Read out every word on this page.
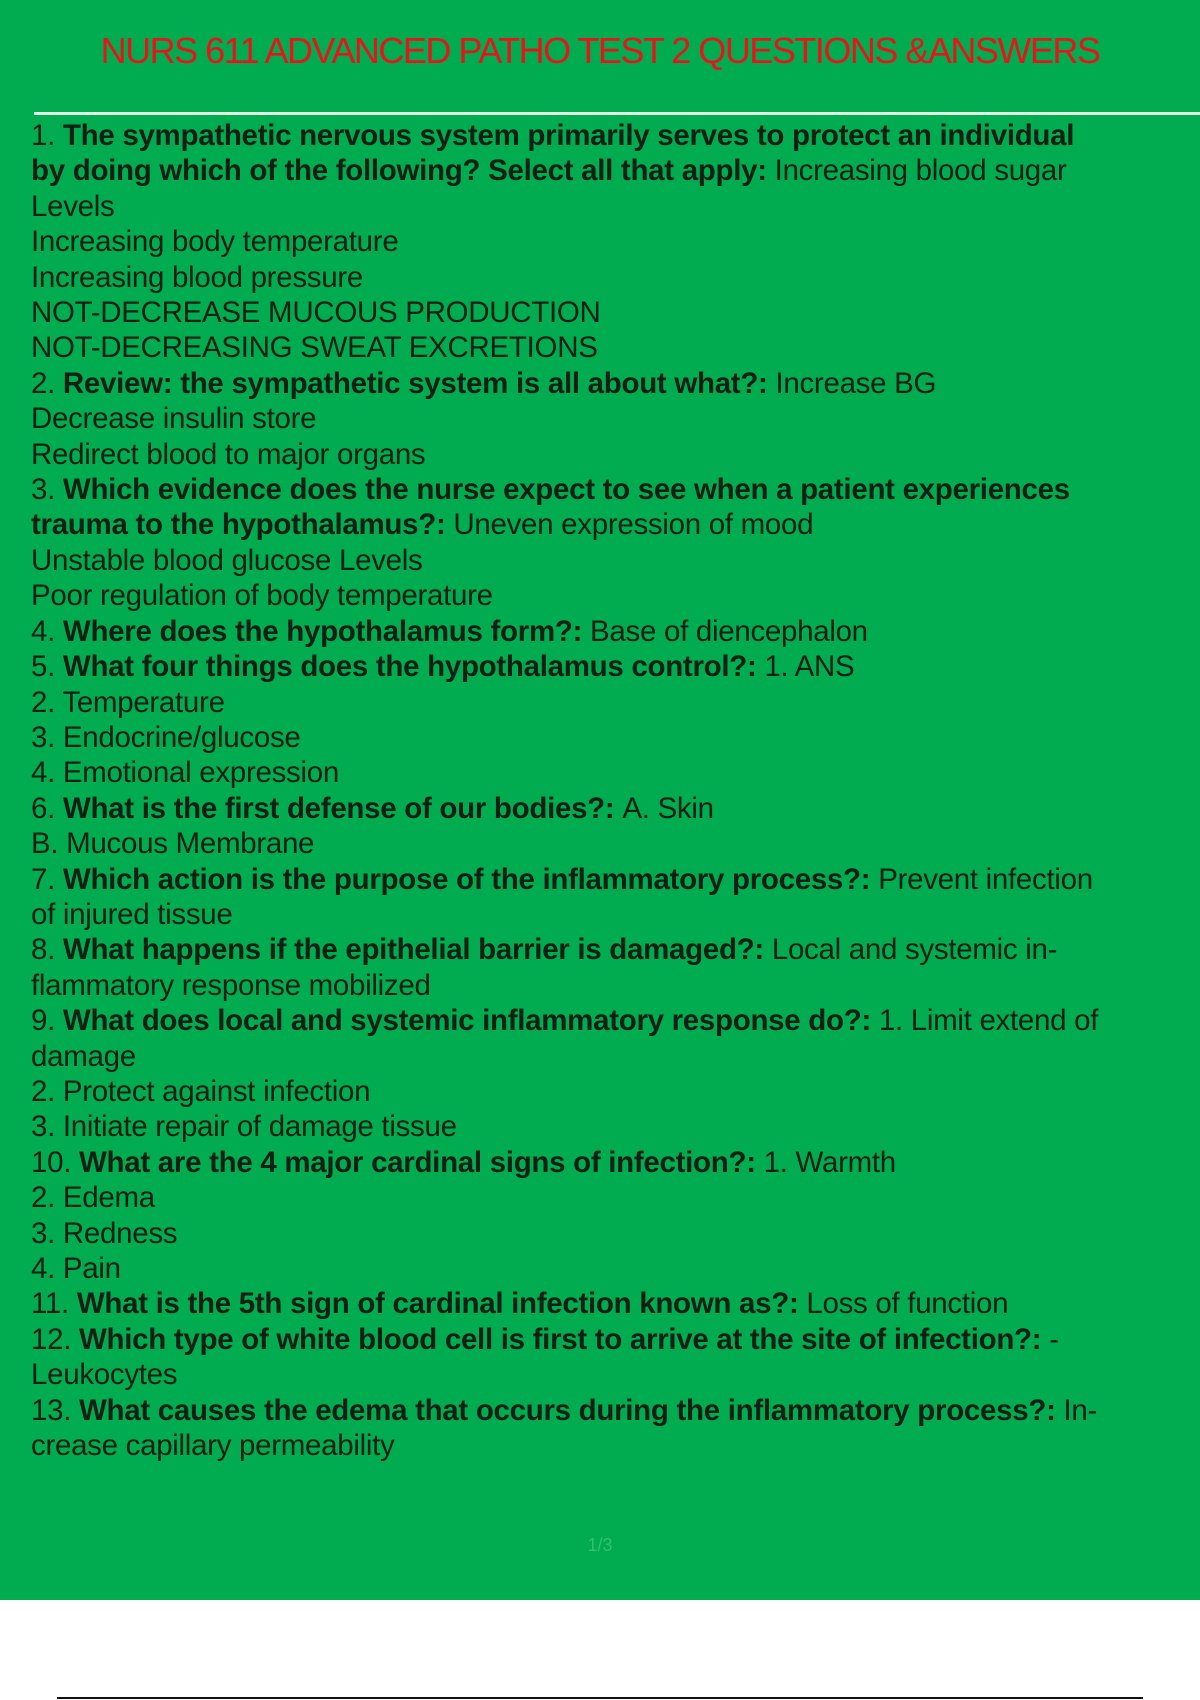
NURS 611 ADVANCED PATHO TEST 2 QUESTIONS &ANSWERS
1. The sympathetic nervous system primarily serves to protect an individual
by doing which of the following? Select all that apply: Increasing blood sugar
Levels
Increasing body temperature
Increasing blood pressure
NOT-DECREASE MUCOUS PRODUCTION
NOT-DECREASING SWEAT EXCRETIONS
2. Review: the sympathetic system is all about what?: Increase BG
Decrease insulin store
Redirect blood to major organs
3. Which evidence does the nurse expect to see when a patient experiences
trauma to the hypothalamus?: Uneven expression of mood
Unstable blood glucose Levels
Poor regulation of body temperature
4. Where does the hypothalamus form?: Base of diencephalon
5. What four things does the hypothalamus control?: 1. ANS
2. Temperature
3. Endocrine/glucose
4. Emotional expression
6. What is the first defense of our bodies?: A. Skin
B. Mucous Membrane
7. Which action is the purpose of the inflammatory process?: Prevent infection
of injured tissue
8. What happens if the epithelial barrier is damaged?: Local and systemic in-
flammatory response mobilized
9. What does local and systemic inflammatory response do?: 1. Limit extend of
damage
2. Protect against infection
3. Initiate repair of damage tissue
10. What are the 4 major cardinal signs of infection?: 1. Warmth
2. Edema
3. Redness
4. Pain
11. What is the 5th sign of cardinal infection known as?: Loss of function
12. Which type of white blood cell is first to arrive at the site of infection?: -
Leukocytes
13. What causes the edema that occurs during the inflammatory process?: In-
crease capillary permeability
1/3
